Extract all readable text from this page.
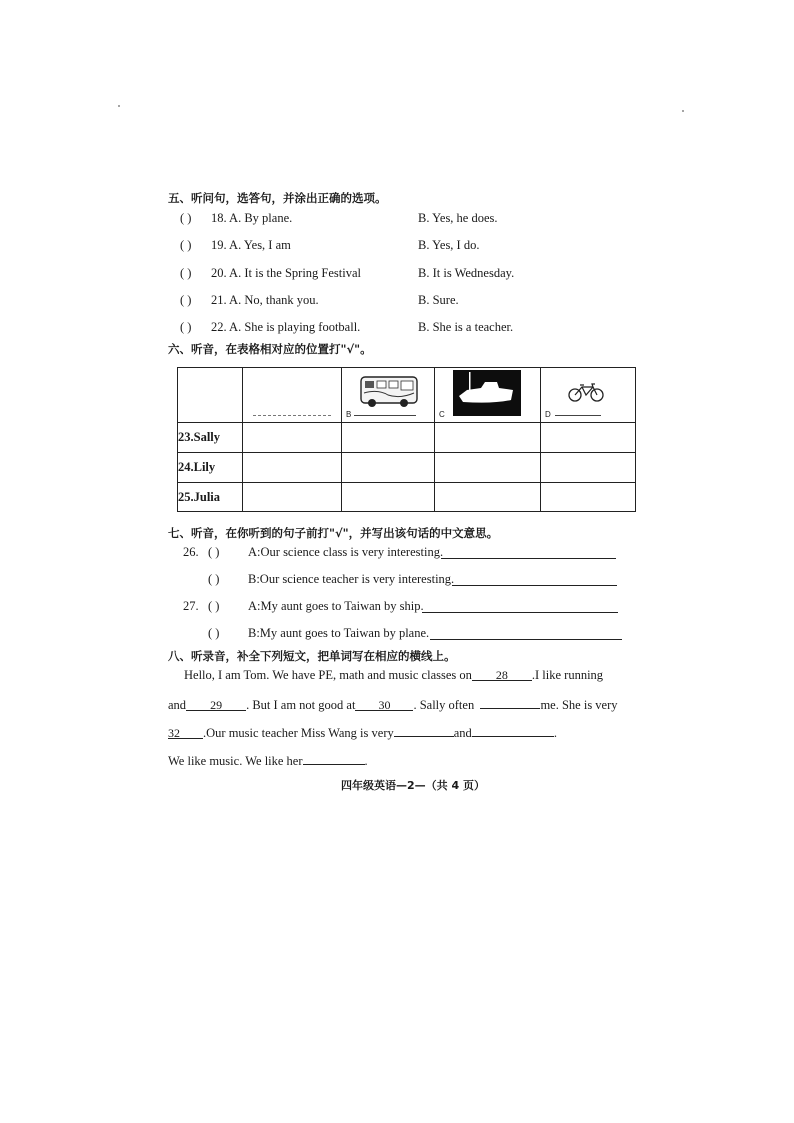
五、听问句，选答句，并涂出正确的选项。
( ) 18. A. By plane.	B. Yes, he does.
( ) 19. A. Yes, I am	B. Yes, I do.
( ) 20. A. It is the Spring Festival	B. It is Wednesday.
( ) 21. A. No, thank you.	B. Sure.
( ) 22. A. She is playing football.	B. She is a teacher.
六、听音，在表格相对应的位置打"√"。

		B	C	D

23.Sally				
24.Lily				
25.Julia				
七、听音，在你听到的句子前打"√"，并写出该句话的中文意思。
26. ( ) A:Our science class is very interesting.
( ) B:Our science teacher is very interesting.
27. ( ) A:My aunt goes to Taiwan by ship.
( ) B:My aunt goes to Taiwan by plane.
八、听录音，补全下列短文，把单词写在相应的横线上。
Hello, I am Tom. We have PE, math and music classes on 28 .I like running
and 29 . But I am not good at 30 . Sally often	me. She is very
32 .Our music teacher Miss Wang is very	and	.
We like music. We like her	.
四年级英语—2—（共 4 页）
